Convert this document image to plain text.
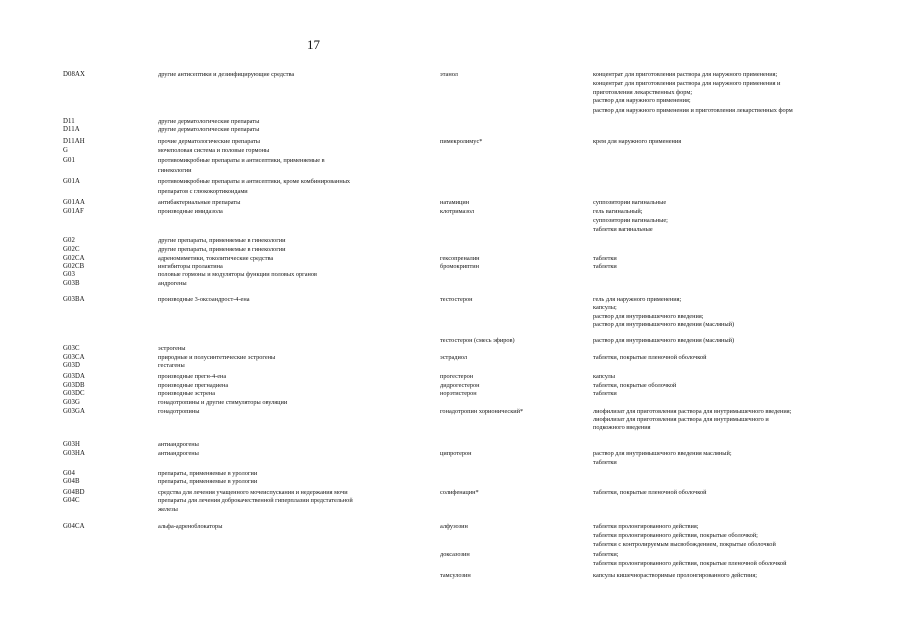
17
D08AX	другие антисептики и дезинфицирующие средства	этанол	концентрат для приготовления раствора для наружного применения;
концентрат для приготовления раствора для наружного применения и
приготовления лекарственных форм;
раствор для наружного применения;
раствор для наружного применения и приготовления лекарственных форм
D11	другие дерматологические препараты
D11A	другие дерматологические препараты
D11AH	прочие дерматологические препараты	пимекролимус*	крем для наружного применения
G	мочеполовая система и половые гормоны
G01	противомикробные препараты и антисептики, применяемые в
гинекологии
G01A	противомикробные препараты и антисептики, кроме комбинированных
препаратов с глюкокортикоидами
G01AA	антибактериальные препараты	натамицин	суппозитории вагинальные
G01AF	производные имидазола	клотримазол	гель вагинальный;
суппозитории вагинальные;
таблетки вагинальные
G02	другие препараты, применяемые в гинекологии
G02C	другие препараты, применяемые в гинекологии
G02CA	адреномиметики, токолитические средства	гексопреналин	таблетки
G02CB	ингибиторы пролактина	бромокриптин	таблетки
G03	половые гормоны и модуляторы функции половых органов
G03B	андрогены
G03BA	производные 3-оксоандрост-4-ена	тестостерон	гель для наружного применения;
капсулы;
раствор для внутримышечного введения;
раствор для внутримышечного введения (масляный)
тестостерон (смесь эфиров)	раствор для внутримышечного введения (масляный)
G03C	эстрогены
G03CA	природные и полусинтетические эстрогены	эстрадиол	таблетки, покрытые пленочной оболочкой
G03D	гестагены
G03DA	производные прегн-4-ена	прогестерон	капсулы
G03DB	производные прегнадиена	дидрогестерон	таблетки, покрытые оболочкой
G03DC	производные эстрена	норэтистерон	таблетки
G03G	гонадотропины и другие стимуляторы овуляции
G03GA	гонадотропины	гонадотропин хорионический*	лиофилизат для приготовления раствора для внутримышечного введения;
лиофилизат для приготовления раствора для внутримышечного и
подкожного введения
G03H	антиандрогены
G03HA	антиандрогены	ципротерон	раствор для внутримышечного введения масляный;
таблетки
G04	препараты, применяемые в урологии
G04B	препараты, применяемые в урологии
G04BD	средства для лечения учащенного мочеиспускания и недержания мочи	солифенацин*	таблетки, покрытые пленочной оболочкой
G04C	препараты для лечения доброкачественной гиперплазии предстательной
железы
G04CA	альфа-адреноблокаторы	алфузозин	таблетки пролонгированного действия;
таблетки пролонгированного действия, покрытые оболочкой;
таблетки с контролируемым высвобождением, покрытые оболочкой
доксазозин	таблетки;
таблетки пролонгированного действия, покрытые пленочной оболочкой
тамсулозин	капсулы кишечнорастворимые пролонгированного действия;
